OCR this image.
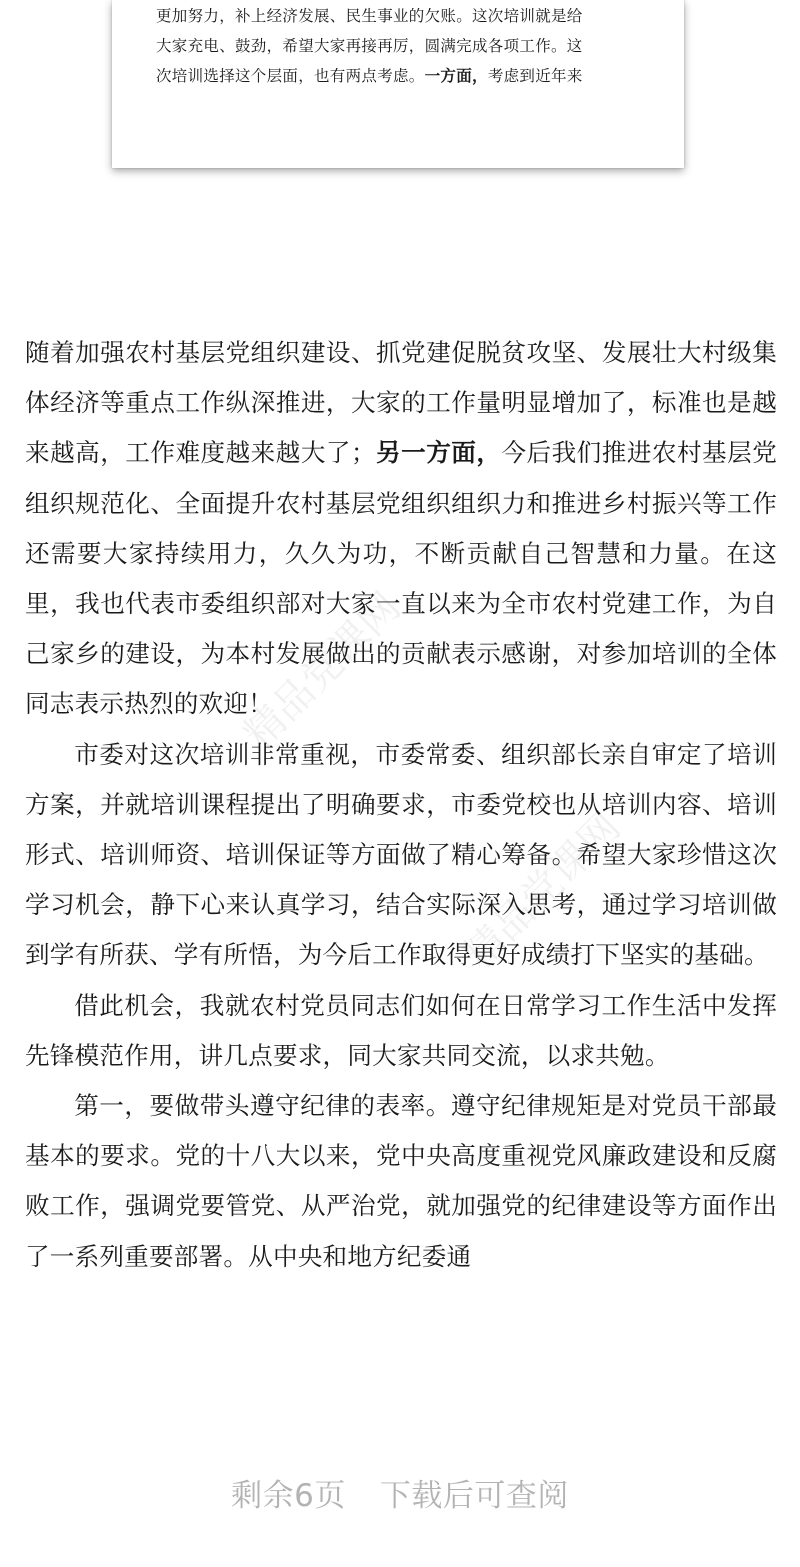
更加努力，补上经济发展、民生事业的欠账。这次培训就是给
大家充电、鼓劲，希望大家再接再厉，圆满完成各项工作。这
次培训选择这个层面，也有两点考虑。一方面，考虑到近年来
精品党课网
精品党课网

随着加强农村基层党组织建设、抓党建促脱贫攻坚、发展壮大村级集体经济等重点工作纵深推进，大家的工作量明显增加了，标准也是越来越高，工作难度越来越大了；另一方面，今后我们推进农村基层党组织规范化、全面提升农村基层党组织组织力和推进乡村振兴等工作还需要大家持续用力，久久为功，不断贡献自己智慧和力量。在这里，我也代表市委组织部对大家一直以来为全市农村党建工作，为自己家乡的建设，为本村发展做出的贡献表示感谢，对参加培训的全体同志表示热烈的欢迎！

市委对这次培训非常重视，市委常委、组织部长亲自审定了培训方案，并就培训课程提出了明确要求，市委党校也从培训内容、培训形式、培训师资、培训保证等方面做了精心筹备。希望大家珍惜这次学习机会，静下心来认真学习，结合实际深入思考，通过学习培训做到学有所获、学有所悟，为今后工作取得更好成绩打下坚实的基础。

借此机会，我就农村党员同志们如何在日常学习工作生活中发挥先锋模范作用，讲几点要求，同大家共同交流，以求共勉。

第一，要做带头遵守纪律的表率。遵守纪律规矩是对党员干部最基本的要求。党的十八大以来，党中央高度重视党风廉政建设和反腐败工作，强调党要管党、从严治党，就加强党的纪律建设等方面作出了一系列重要部署。从中央和地方纪委通

剩余6页 下载后可查阅
